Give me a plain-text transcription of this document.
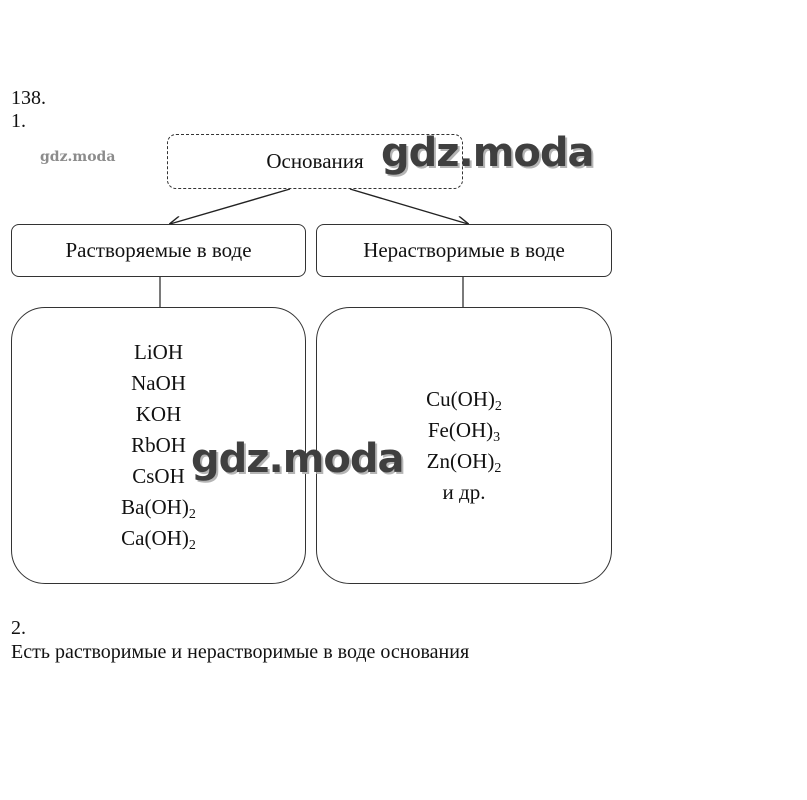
138.
1.
Основания
Растворяемые в воде	Нерастворимые в воде
LiOH
NaOH
KOH
RbOH
CsOH
$Ba(OH)_2$
$Ca(OH)_2$
$Cu(OH)_2$
$Fe(OH)_3$
$Zn(OH)_2$
и др.
2.
Есть растворимые и нерастворимые в воде основания
gdz.moda	gdz.moda
gdz.moda
